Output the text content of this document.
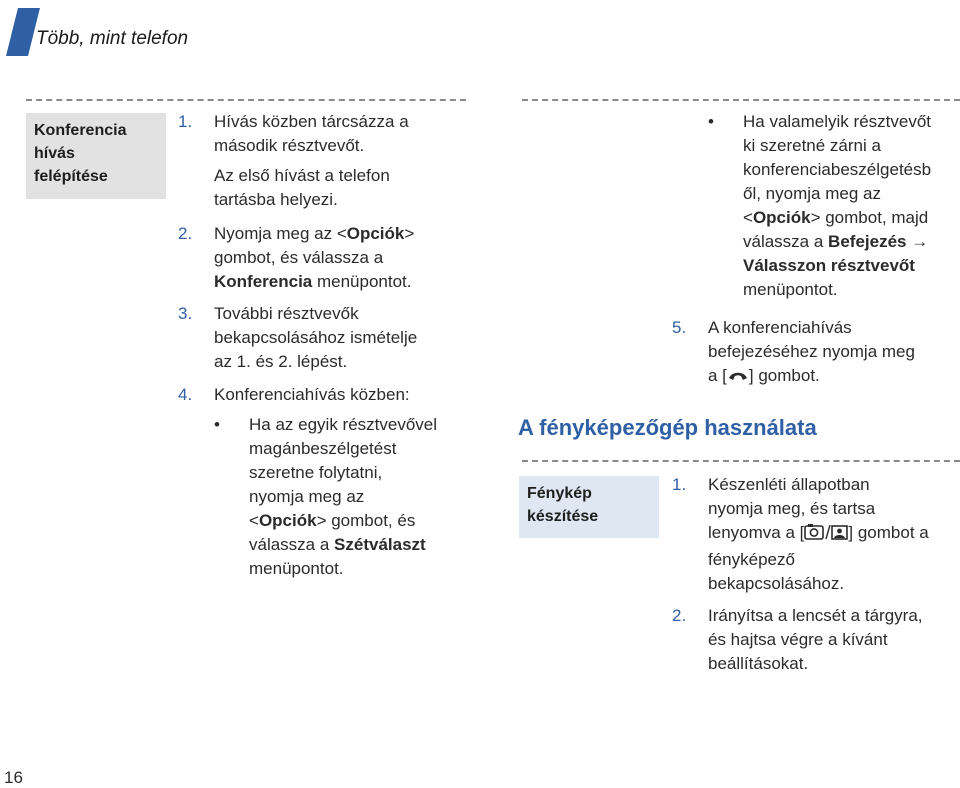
Több, mint telefon
Konferencia
hívás
felépítése
1. Hívás közben tárcsázza a
második résztvevőt.
Az első hívást a telefon
tartásba helyezi.
2. Nyomja meg az <Opciók>
gombot, és válassza a
Konferencia menüpontot.
3. További résztvevők
bekapcsolásához ismételje
az 1. és 2. lépést.
4. Konferenciahívás közben:
• Ha az egyik résztvevővel
magánbeszélgetést
szeretne folytatni,
nyomja meg az
<Opciók> gombot, és
válassza a Szétválaszt
menüpontot.
• Ha valamelyik résztvevőt
ki szeretné zárni a
konferenciabeszélgetésb
ől, nyomja meg az
<Opciók> gombot, majd
válassza a Befejezés →
Válasszon résztvevőt
menüpontot.
5. A konferenciahívás
befejezéséhez nyomja meg
a [ ] gombot.
A fényképezőgép használata
Fénykép
készítése
1. Készenléti állapotban
nyomja meg, és tartsa
lenyomva a [	] gombot a
fényképező
bekapcsolásához.
2. Irányítsa a lencsét a tárgyra,
és hajtsa végre a kívánt
beállításokat.
16
